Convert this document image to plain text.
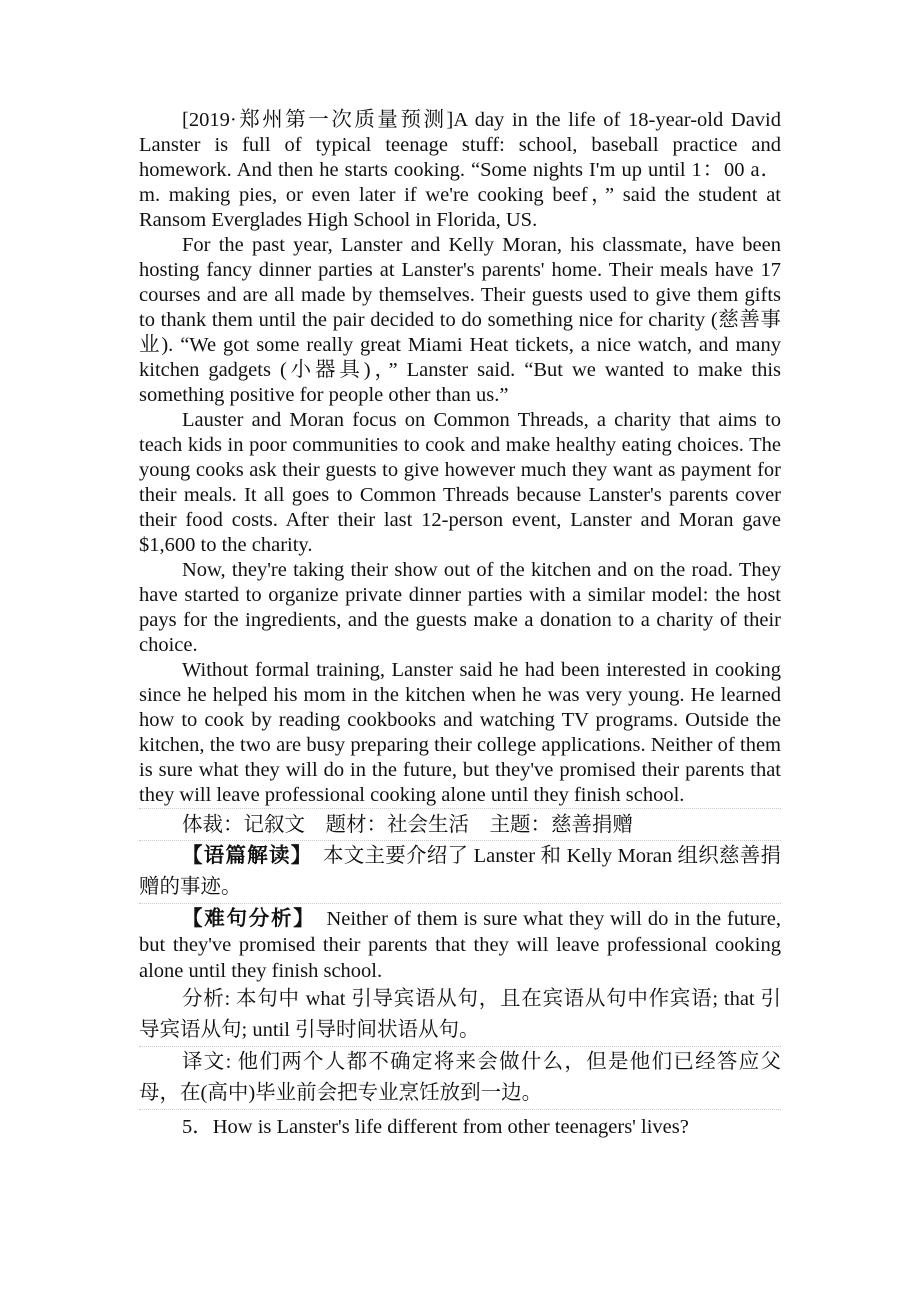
[2019·郑州第一次质量预测]A day in the life of 18-year-old David Lanster is full of typical teenage stuff: school, baseball practice and homework. And then he starts cooking. “Some nights I'm up until 1：00 a． m. making pies, or even later if we're cooking beef，” said the student at Ransom Everglades High School in Florida, US.

For the past year, Lanster and Kelly Moran, his classmate, have been hosting fancy dinner parties at Lanster's parents' home. Their meals have 17 courses and are all made by themselves. Their guests used to give them gifts to thank them until the pair decided to do something nice for charity (慈善事业). “We got some really great Miami Heat tickets, a nice watch, and many kitchen gadgets (小器具)，” Lanster said. “But we wanted to make this something positive for people other than us.”

Lauster and Moran focus on Common Threads, a charity that aims to teach kids in poor communities to cook and make healthy eating choices. The young cooks ask their guests to give however much they want as payment for their meals. It all goes to Common Threads because Lanster's parents cover their food costs. After their last 12-person event, Lanster and Moran gave $1,600 to the charity.

Now, they're taking their show out of the kitchen and on the road. They have started to organize private dinner parties with a similar model: the host pays for the ingredients, and the guests make a donation to a charity of their choice.

Without formal training, Lanster said he had been interested in cooking since he helped his mom in the kitchen when he was very young. He learned how to cook by reading cookbooks and watching TV programs. Outside the kitchen, the two are busy preparing their college applications. Neither of them is sure what they will do in the future, but they've promised their parents that they will leave professional cooking alone until they finish school.

体裁：记叙文　题材：社会生活　主题：慈善捐赠

【语篇解读】　本文主要介绍了 Lanster 和 Kelly Moran 组织慈善捐赠的事迹。

【难句分析】　Neither of them is sure what they will do in the future, but they've promised their parents that they will leave professional cooking alone until they finish school.

分析: 本句中 what 引导宾语从句，且在宾语从句中作宾语; that 引导宾语从句; until 引导时间状语从句。

译文: 他们两个人都不确定将来会做什么，但是他们已经答应父母，在(高中)毕业前会把专业烹饪放到一边。

5．How is Lanster's life different from other teenagers' lives?
